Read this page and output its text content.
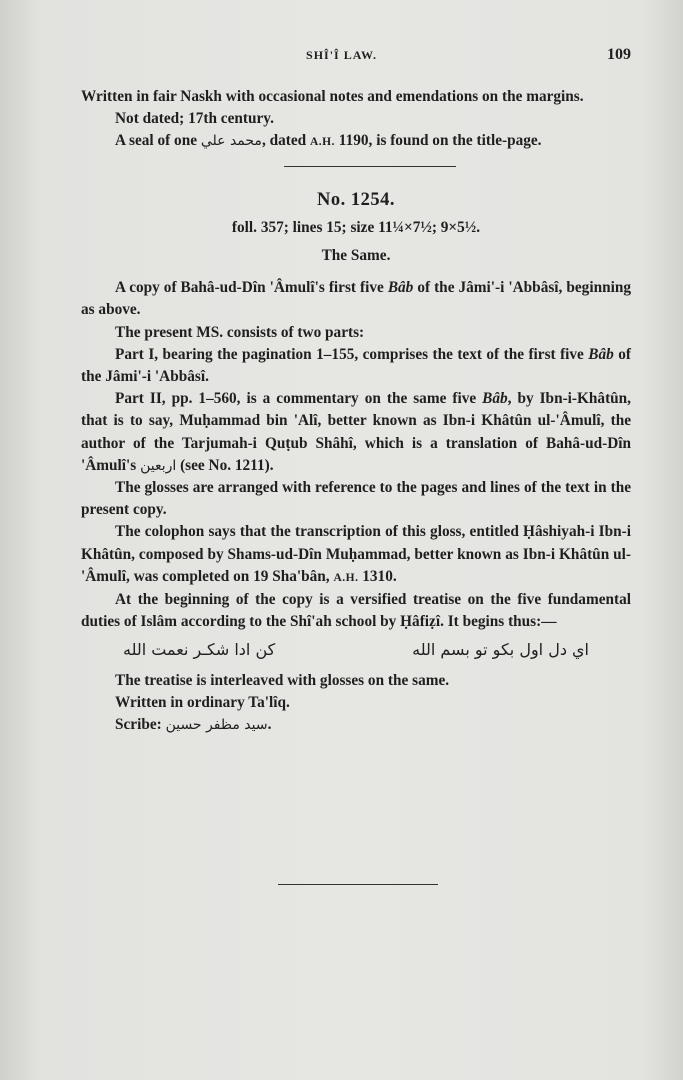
SHÎ'Î LAW.	109

Written in fair Naskh with occasional notes and emendations on the margins.

Not dated; 17th century.

A seal of one محمد علي, dated A.H. 1190, is found on the title-page.

No. 1254.

foll. 357; lines 15; size 11¼×7½; 9×5½.

The Same.

A copy of Bahâ-ud-Dîn 'Âmulî's first five Bâb of the Jâmi'-i 'Abbâsî, beginning as above.

The present MS. consists of two parts:

Part I, bearing the pagination 1–155, comprises the text of the first five Bâb of the Jâmi'-i 'Abbâsî.

Part II, pp. 1–560, is a commentary on the same five Bâb, by Ibn-i-Khâtûn, that is to say, Muḥammad bin 'Alî, better known as Ibn-i Khâtûn ul-'Âmulî, the author of the Tarjumah-i Quṭub Shâhî, which is a translation of Bahâ-ud-Dîn 'Âmulî's اربعين (see No. 1211).

The glosses are arranged with reference to the pages and lines of the text in the present copy.

The colophon says that the transcription of this gloss, entitled Ḥâshiyah-i Ibn-i Khâtûn, composed by Shams-ud-Dîn Muḥammad, better known as Ibn-i Khâtûn ul-'Âmulî, was completed on 19 Sha'bân, A.H. 1310.

At the beginning of the copy is a versified treatise on the five fundamental duties of Islâm according to the Shî'ah school by Ḥâfiẓî. It begins thus:—

اي دل اول بكو تو بسم الله
كن ادا شكـر نعمت الله

The treatise is interleaved with glosses on the same.

Written in ordinary Ta'lîq.

Scribe: سيد مظفر حسين.
